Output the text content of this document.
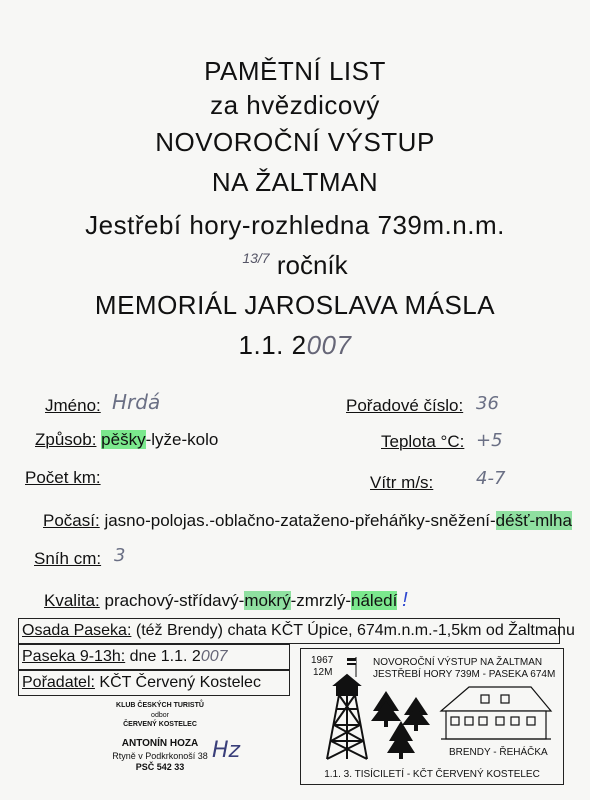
PAMĚTNÍ LIST
za hvězdicový
NOVOROČNÍ VÝSTUP
NA ŽALTMAN
Jestřebí hory-rozhledna 739m.n.m.
$^{13/7}$ ročník
MEMORIÁL JAROSLAVA MÁSLA
1.1. 2007
Jméno: Hrdá	Pořadové číslo: 36
Způsob: pěšky-lyže-kolo	Teplota °C: +5
Počet km:	Vítr m/s: 4-7
Počasí: jasno-polojas.-oblačno-zataženo-přeháňky-sněžení-déšť-mlha
Sníh cm: 3
Kvalita: prachový-střídavý-mokrý-zmrzlý-náledí !
Osada Paseka: (též Brendy) chata KČT Úpice, 674m.n.m.-1,5km od Žaltmanu
Paseka 9-13h: dne 1.1. 2007
Pořadatel: KČT Červený Kostelec
KLUB ČESKÝCH TURISTŮ
odbor
ČERVENÝ KOSTELEC
ANTONÍN HOZA
Rtyně v Podkrkonoší 38
PSČ 542 33
Hz
1967
12M
NOVOROČNÍ VÝSTUP NA ŽALTMAN
JESTŘEBÍ HORY 739M - PASEKA 674M
BRENDY - ŘEHÁČKA
1.1. 3. TISÍCILETÍ - KČT ČERVENÝ KOSTELEC
